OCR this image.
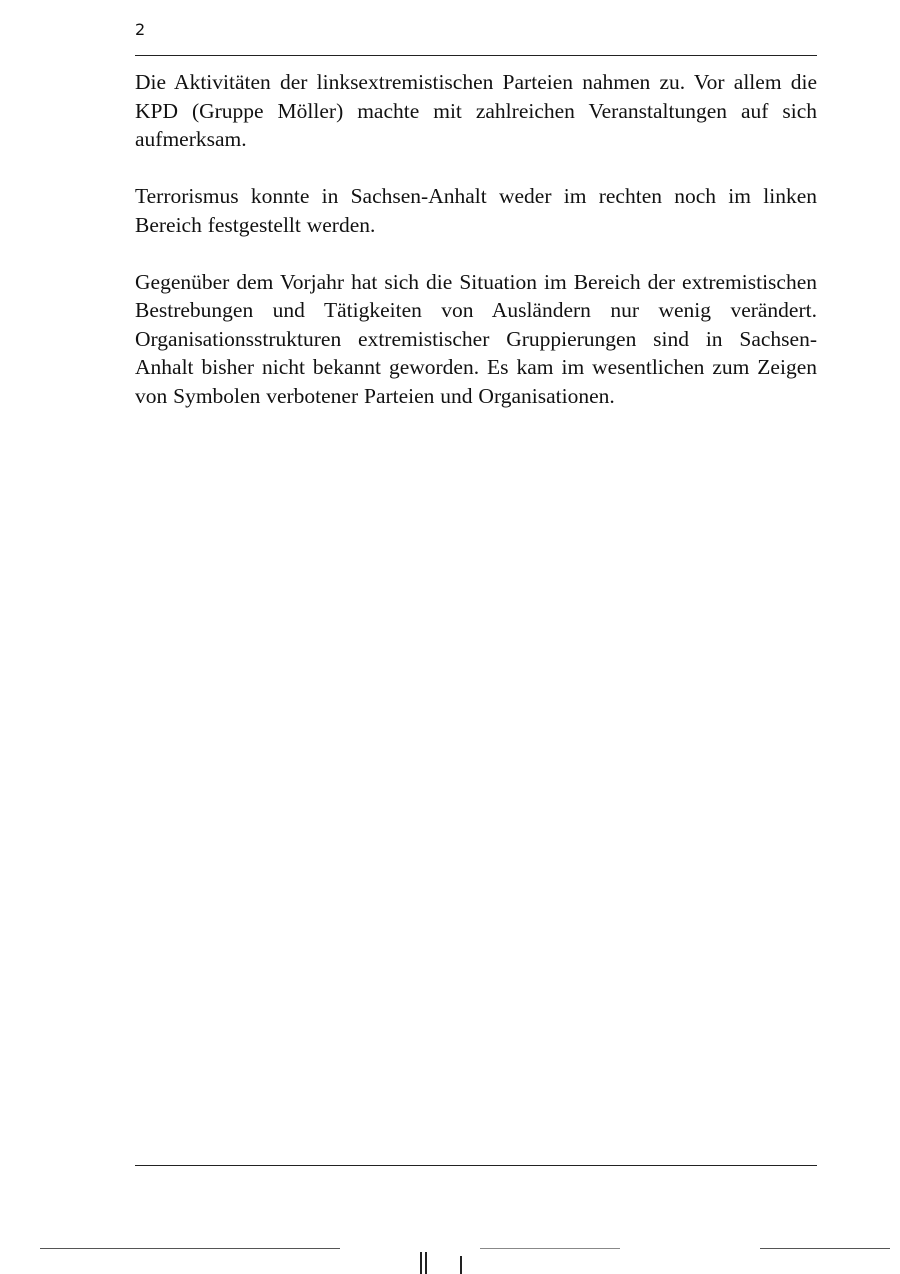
2

Die Aktivitäten der linksextremistischen Parteien nahmen zu. Vor allem die KPD (Gruppe Möller) machte mit zahlreichen Veranstaltungen auf sich aufmerksam.

Terrorismus konnte in Sachsen-Anhalt weder im rechten noch im linken Bereich festgestellt werden.

Gegenüber dem Vorjahr hat sich die Situation im Bereich der extremistischen Bestrebungen und Tätigkeiten von Ausländern nur wenig verändert. Organisationsstrukturen extremistischer Gruppierungen sind in Sachsen-Anhalt bisher nicht bekannt geworden. Es kam im wesentlichen zum Zeigen von Symbolen verbotener Parteien und Organisationen.
